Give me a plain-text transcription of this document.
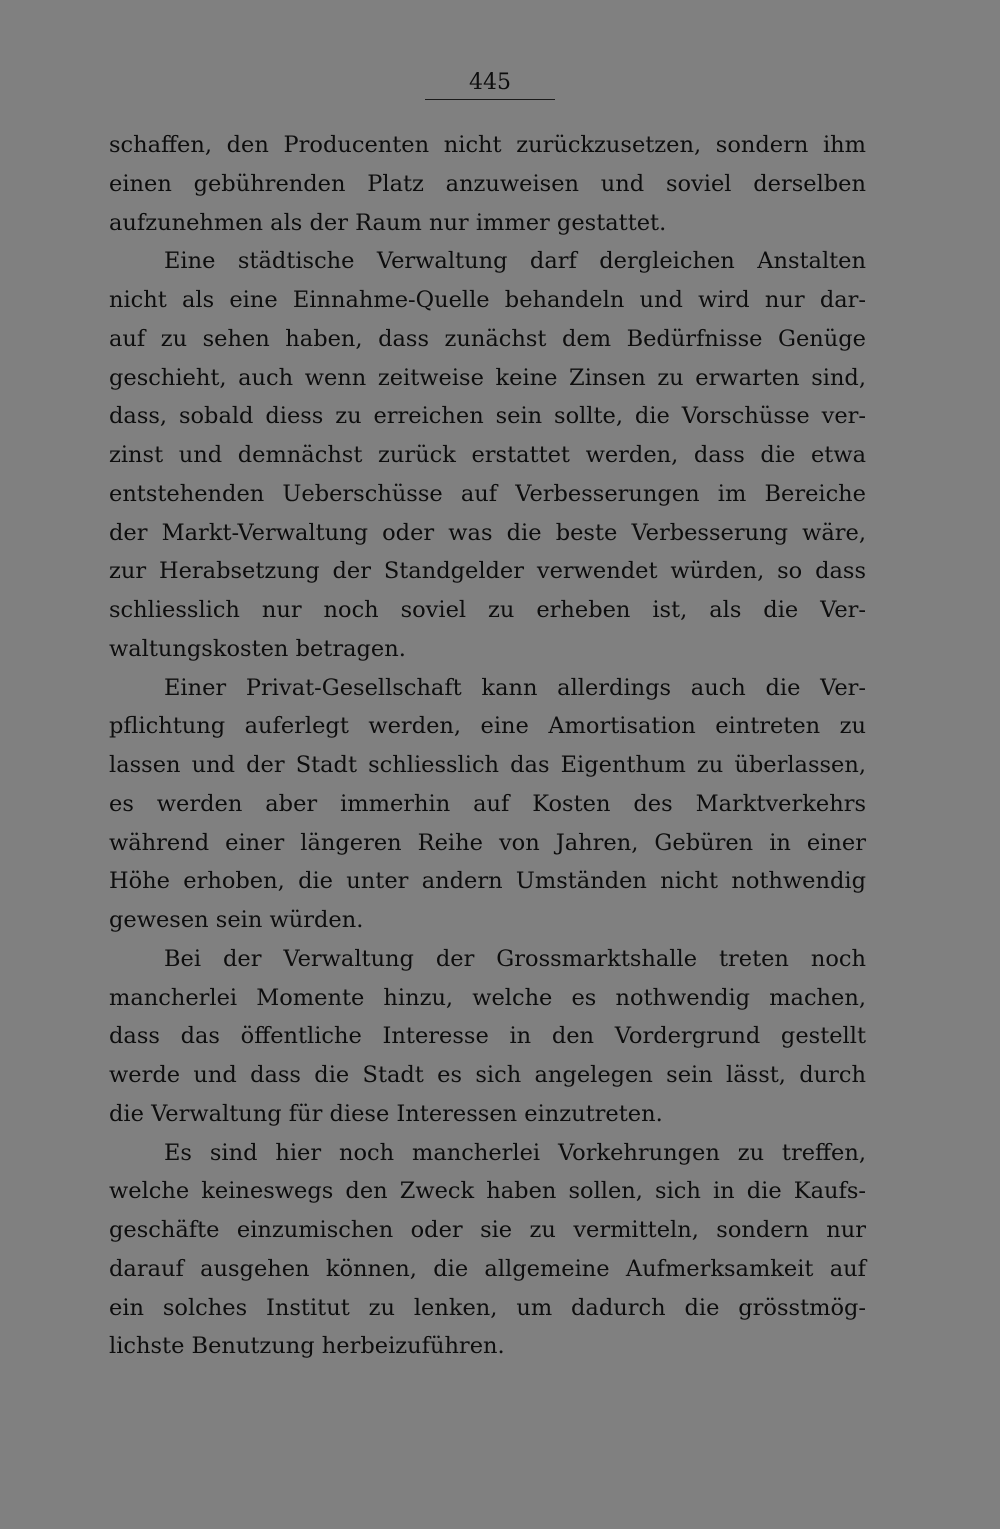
445
schaffen, den Producenten nicht zurückzusetzen, sondern ihm
einen gebührenden Platz anzuweisen und soviel derselben
aufzunehmen als der Raum nur immer gestattet.
Eine städtische Verwaltung darf dergleichen Anstalten
nicht als eine Einnahme-Quelle behandeln und wird nur dar-
auf zu sehen haben, dass zunächst dem Bedürfnisse Genüge
geschieht, auch wenn zeitweise keine Zinsen zu erwarten sind,
dass, sobald diess zu erreichen sein sollte, die Vorschüsse ver-
zinst und demnächst zurück erstattet werden, dass die etwa
entstehenden Ueberschüsse auf Verbesserungen im Bereiche
der Markt-Verwaltung oder was die beste Verbesserung wäre,
zur Herabsetzung der Standgelder verwendet würden, so dass
schliesslich nur noch soviel zu erheben ist, als die Ver-
waltungskosten betragen.
Einer Privat-Gesellschaft kann allerdings auch die Ver-
pflichtung auferlegt werden, eine Amortisation eintreten zu
lassen und der Stadt schliesslich das Eigenthum zu überlassen,
es werden aber immerhin auf Kosten des Marktverkehrs
während einer längeren Reihe von Jahren, Gebüren in einer
Höhe erhoben, die unter andern Umständen nicht nothwendig
gewesen sein würden.
Bei der Verwaltung der Grossmarktshalle treten noch
mancherlei Momente hinzu, welche es nothwendig machen,
dass das öffentliche Interesse in den Vordergrund gestellt
werde und dass die Stadt es sich angelegen sein lässt, durch
die Verwaltung für diese Interessen einzutreten.
Es sind hier noch mancherlei Vorkehrungen zu treffen,
welche keineswegs den Zweck haben sollen, sich in die Kaufs-
geschäfte einzumischen oder sie zu vermitteln, sondern nur
darauf ausgehen können, die allgemeine Aufmerksamkeit auf
ein solches Institut zu lenken, um dadurch die grösstmög-
lichste Benutzung herbeizuführen.
